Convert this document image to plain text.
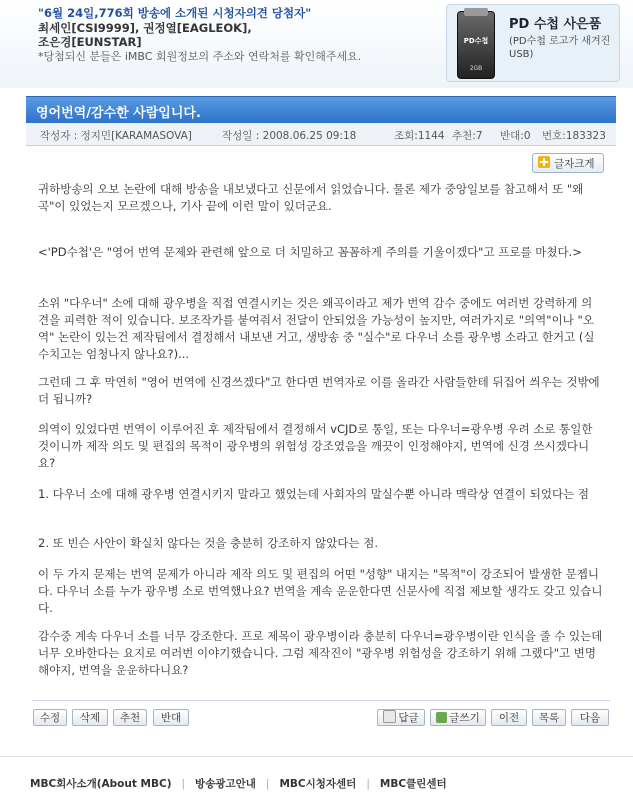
"6월 24일,776회 방송에 소개된 시청자의견 당첨자"
최세인[CSI9999], 권정열[EAGLEOK],
조은경[EUNSTAR]
*당첨되신 분들은 iMBC 회원정보의 주소와 연락처를 확인해주세요.
PD수첩
2GB
PD 수첩 사은품
(PD수첩 로고가 새겨진 USB)
영어번역/감수한 사람입니다.
작성자 : 정지민[KARAMASOVA]	작성일 : 2008.06.25 09:18	조회:1144 추천:7 반대:0 번호:183323
글자크게
귀하방송의 오보 논란에 대해 방송을 내보냈다고 신문에서 읽었습니다. 물론 제가 중앙일보를 참고해서 또 "왜곡"이 있었는지 모르겠으나, 기사 끝에 이런 말이 있더군요.
<'PD수첩'은 "영어 번역 문제와 관련해 앞으로 더 치밀하고 꼼꼼하게 주의를 기울이겠다"고 프로를 마쳤다.>
소위 "다우너" 소에 대해 광우병을 직접 연결시키는 것은 왜곡이라고 제가 번역 감수 중에도 여러번 강력하게 의견을 피력한 적이 있습니다. 보조작가를 붙여줘서 전달이 안되었을 가능성이 높지만, 여러가지로 "의역"이나 "오역" 논란이 있는건 제작팀에서 결정해서 내보낸 거고, 생방송 중 "실수"로 다우너 소를 광우병 소라고 한거고 (실수치고는 엄청나지 않나요?)...
그런데 그 후 막연히 "영어 번역에 신경쓰겠다"고 한다면 번역자로 이를 올라간 사람들한테 뒤집어 씌우는 것밖에 더 됩니까?
의역이 있었다면 번역이 이루어진 후 제작팀에서 결정해서 vCJD로 통일, 또는 다우너=광우병 우려 소로 통일한 것이니까 제작 의도 및 편집의 목적이 광우병의 위험성 강조였음을 깨끗이 인정해야지, 번역에 신경 쓰시겠다니요?
1. 다우너 소에 대해 광우병 연결시키지 말라고 했었는데 사회자의 말실수뿐 아니라 맥락상 연결이 되었다는 점
2. 또 빈슨 사안이 확실치 않다는 것을 충분히 강조하지 않았다는 점.
이 두 가지 문제는 번역 문제가 아니라 제작 의도 및 편집의 어떤 "성향" 내지는 "목적"이 강조되어 발생한 문젭니다. 다우너 소를 누가 광우병 소로 번역했나요? 번역을 계속 운운한다면 신문사에 직접 제보할 생각도 갖고 있습니다.
감수중 계속 다우너 소를 너무 강조한다. 프로 제목이 광우병이라 충분히 다우너=광우병이란 인식을 줄 수 있는데 너무 오바한다는 요지로 여러번 이야기했습니다. 그럼 제작진이 "광우병 위험성을 강조하기 위해 그랬다"고 변명해야지, 번역을 운운하다니요?
수정	삭제	추천	반대	답글	글쓰기	이전	목록	다음
MBC회사소개(About MBC) | 방송광고안내 | MBC시청자센터 | MBC클린센터
